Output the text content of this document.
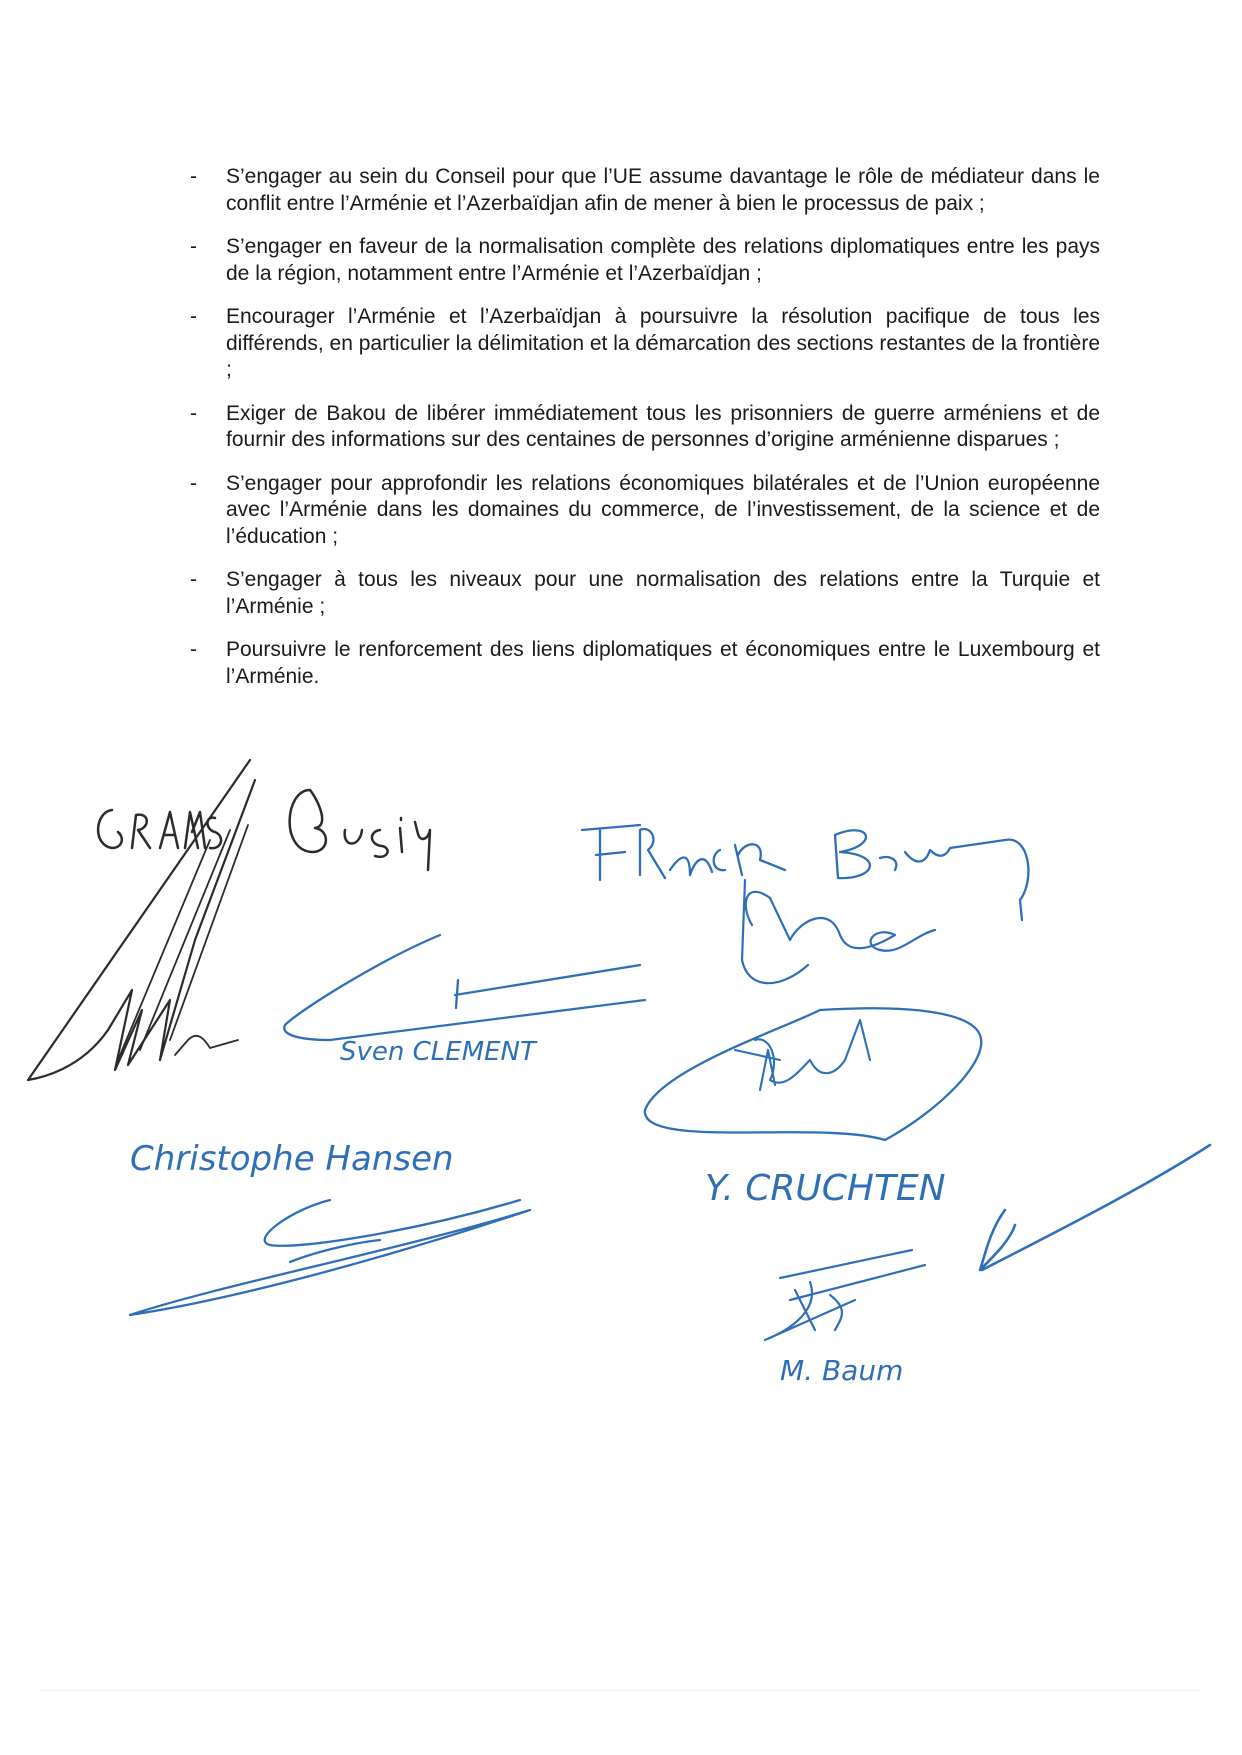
- S’engager au sein du Conseil pour que l’UE assume davantage le rôle de médiateur dans le conflit entre l’Arménie et l’Azerbaïdjan afin de mener à bien le processus de paix ;
- S’engager en faveur de la normalisation complète des relations diplomatiques entre les pays de la région, notamment entre l’Arménie et l’Azerbaïdjan ;
- Encourager l’Arménie et l’Azerbaïdjan à poursuivre la résolution pacifique de tous les différends, en particulier la délimitation et la démarcation des sections restantes de la frontière ;
- Exiger de Bakou de libérer immédiatement tous les prisonniers de guerre arméniens et de fournir des informations sur des centaines de personnes d’origine arménienne disparues ;
- S’engager pour approfondir les relations économiques bilatérales et de l’Union européenne avec l’Arménie dans les domaines du commerce, de l’investissement, de la science et de l’éducation ;
- S’engager à tous les niveaux pour une normalisation des relations entre la Turquie et l’Arménie ;
- Poursuivre le renforcement des liens diplomatiques et économiques entre le Luxembourg et l’Arménie.
Sven CLEMENT
Y. CRUCHTEN
Christophe Hansen
M. Baum
